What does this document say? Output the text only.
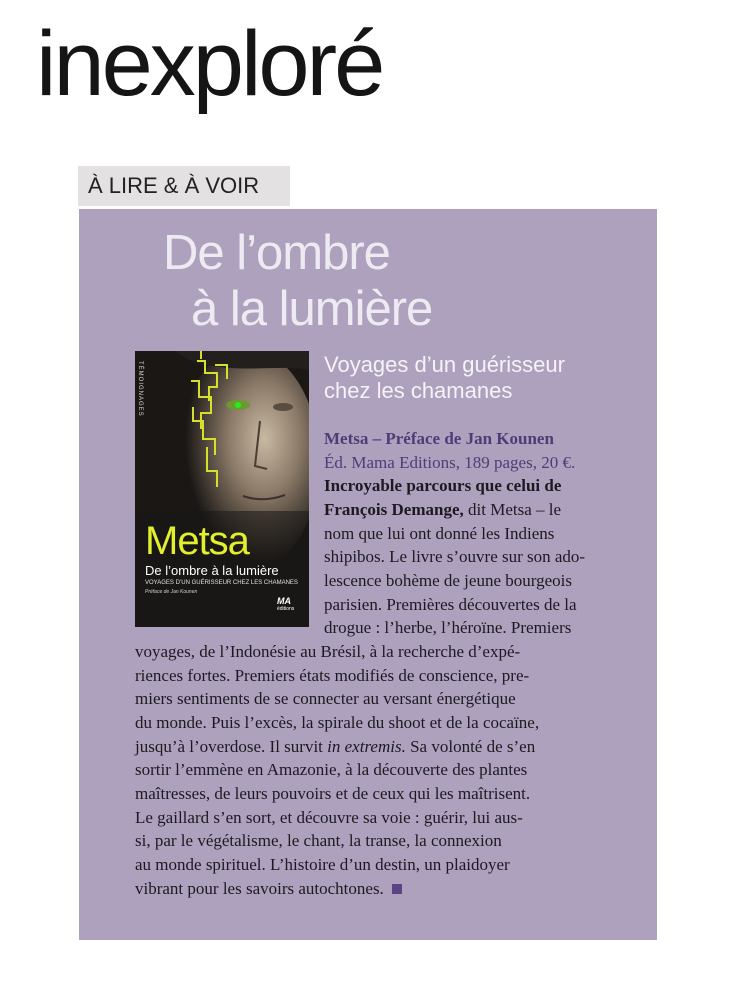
inexploré
À LIRE & À VOIR
De l’ombre
à la lumière
Voyages d’un guérisseur
chez les chamanes
TÉMOIGNAGES
Metsa
De l’ombre à la lumière
VOYAGES D’UN GUÉRISSEUR CHEZ LES CHAMANES
Préface de Jan Kounen
MA
éditions
Metsa – Préface de Jan Kounen
Éd. Mama Editions, 189 pages, 20 €.
Incroyable parcours que celui de
François Demange, dit Metsa – le
nom que lui ont donné les Indiens
shipibos. Le livre s’ouvre sur son ado-
lescence bohème de jeune bourgeois
parisien. Premières découvertes de la
drogue : l’herbe, l’héroïne. Premiers
voyages, de l’Indonésie au Brésil, à la recherche d’expé-
riences fortes. Premiers états modifiés de conscience, pre-
miers sentiments de se connecter au versant énergétique
du monde. Puis l’excès, la spirale du shoot et de la cocaïne,
jusqu’à l’overdose. Il survit in extremis. Sa volonté de s’en
sortir l’emmène en Amazonie, à la découverte des plantes
maîtresses, de leurs pouvoirs et de ceux qui les maîtrisent.
Le gaillard s’en sort, et découvre sa voie : guérir, lui aus-
si, par le végétalisme, le chant, la transe, la connexion
au monde spirituel. L’histoire d’un destin, un plaidoyer
vibrant pour les savoirs autochtones.
